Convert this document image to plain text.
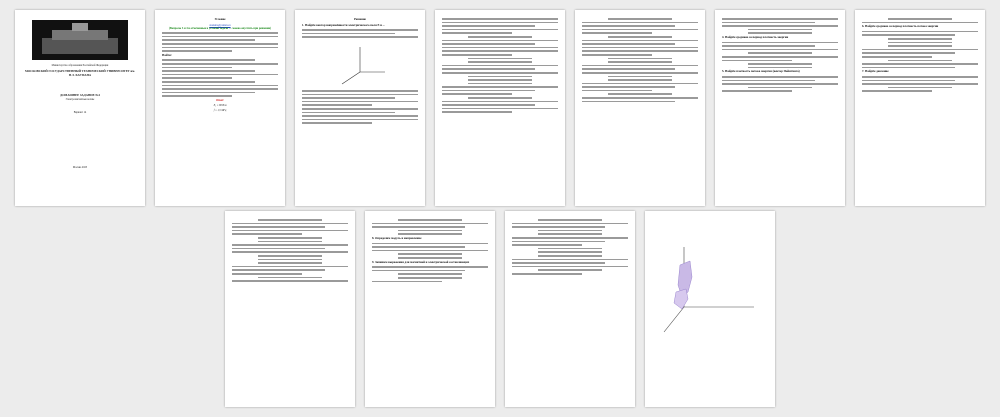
Министерство образования Российской Федерации
МОСКОВСКИЙ ГОСУДАРСТВЕННЫЙ ТЕХНИЧЕСКИЙ УНИВЕРСИТЕТ им. Н.Э. БАУМАНА
ДОМАШНЕЕ ЗАДАНИЕ №4
Электромагнитные волны
Вариант 14
Москва 2023
Условие
students@yandex.ru
(Вопросы 3 и 4 и отмеченные в условии задачи — можно опустить при решении)
Найти:
Ответ:
E₀ = 80 В/м
f = 1,5 МГц
Решение
1. Найдём вектор напряжённости электрического поля Е и ...
4. Найдём среднюю за период плотность энергии
5. Найдём плотность потока энергии (вектор Пойнтинга)
6. Найдём среднюю за период плотность потока энергии
7. Найдём давление
8. Определим модуль и направление
9. Запишем выражения для магнитной и электрической составляющих
